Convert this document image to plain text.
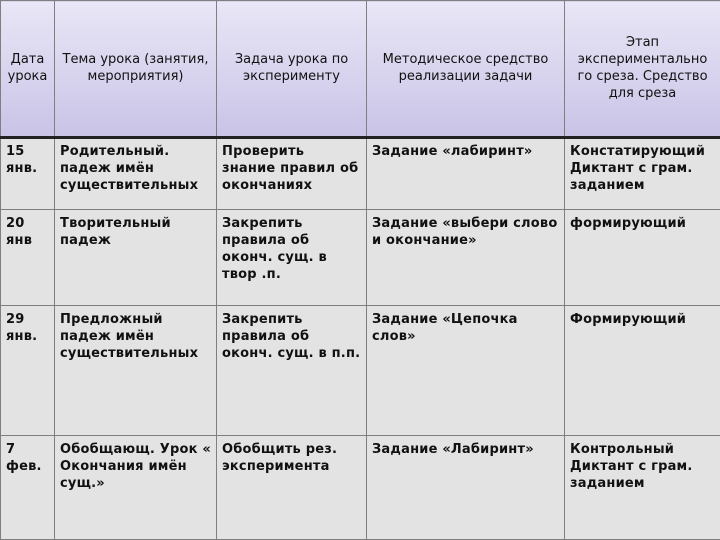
Дата урока	Тема урока (занятия, мероприятия)	Задача урока по эксперименту	Методическое средство реализации задачи	Этап экспериментально го среза. Средство для среза
15 янв.	Родительный. падеж имён существительных	Проверить знание правил об окончаниях	Задание «лабиринт»	Констатирующий Диктант с грам. заданием
20 янв	Творительный падеж	Закрепить правила об оконч. сущ. в твор .п.	Задание «выбери слово и окончание»	формирующий
29 янв.	Предложный падеж имён существительных	Закрепить правила об оконч. сущ. в п.п.	Задание «Цепочка слов»	Формирующий
7 фев.	Обобщающ. Урок « Окончания имён сущ.»	Обобщить рез. эксперимента	Задание «Лабиринт»	Контрольный Диктант с грам. заданием
